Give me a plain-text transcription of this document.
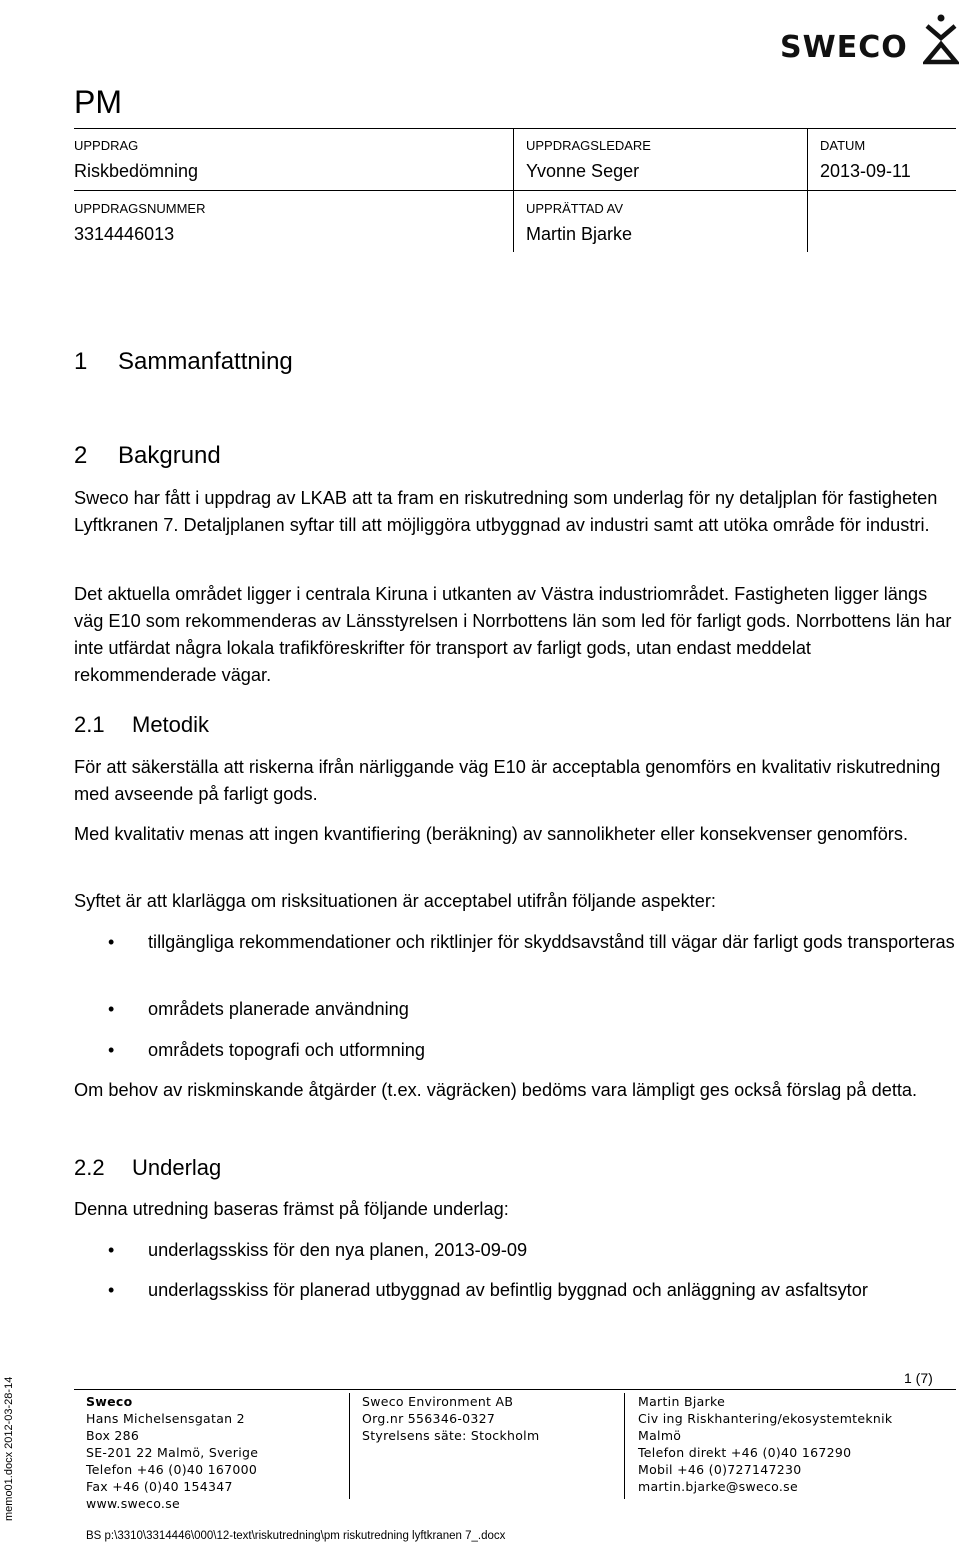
SWECO
PM
UPPDRAG
Riskbedömning
UPPDRAGSLEDARE
Yvonne Seger
DATUM
2013-09-11
UPPDRAGSNUMMER
3314446013
UPPRÄTTAD AV
Martin Bjarke
1 Sammanfattning
2 Bakgrund

Sweco har fått i uppdrag av LKAB att ta fram en riskutredning som underlag för ny detaljplan för fastigheten Lyftkranen 7. Detaljplanen syftar till att möjliggöra utbyggnad av industri samt att utöka område för industri.

Det aktuella området ligger i centrala Kiruna i utkanten av Västra industriområdet. Fastigheten ligger längs väg E10 som rekommenderas av Länsstyrelsen i Norrbottens län som led för farligt gods. Norrbottens län har inte utfärdat några lokala trafikföreskrifter för transport av farligt gods, utan endast meddelat rekommenderade vägar.

2.1 Metodik

För att säkerställa att riskerna ifrån närliggande väg E10 är acceptabla genomförs en kvalitativ riskutredning med avseende på farligt gods.

Med kvalitativ menas att ingen kvantifiering (beräkning) av sannolikheter eller konsekvenser genomförs.

Syftet är att klarlägga om risksituationen är acceptabel utifrån följande aspekter:

• tillgängliga rekommendationer och riktlinjer för skyddsavstånd till vägar där farligt gods transporteras
• områdets planerade användning
• områdets topografi och utformning

Om behov av riskminskande åtgärder (t.ex. vägräcken) bedöms vara lämpligt ges också förslag på detta.

2.2 Underlag

Denna utredning baseras främst på följande underlag:

• underlagsskiss för den nya planen, 2013-09-09
• underlagsskiss för planerad utbyggnad av befintlig byggnad och anläggning av asfaltsytor
1 (7)
Sweco
Hans Michelsensgatan 2
Box 286
SE-201 22 Malmö, Sverige
Telefon +46 (0)40 167000
Fax +46 (0)40 154347
www.sweco.se
Sweco Environment AB
Org.nr 556346-0327
Styrelsens säte: Stockholm
Martin Bjarke
Civ ing Riskhantering/ekosystemteknik
Malmö
Telefon direkt +46 (0)40 167290
Mobil +46 (0)727147230
martin.bjarke@sweco.se
BS p:\3310\3314446\000\12-text\riskutredning\pm riskutredning lyftkranen 7_.docx
memo01.docx 2012-03-28-14
